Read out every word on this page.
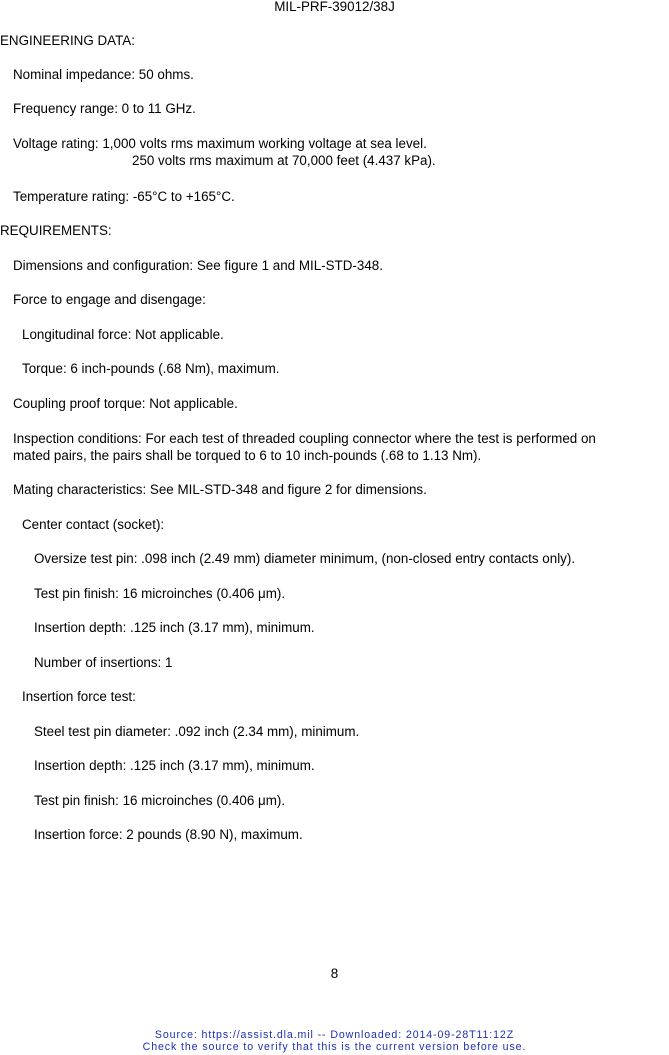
MIL-PRF-39012/38J
ENGINEERING DATA:
Nominal impedance: 50 ohms.
Frequency range: 0 to 11 GHz.
Voltage rating: 1,000 volts rms maximum working voltage at sea level.
250 volts rms maximum at 70,000 feet (4.437 kPa).
Temperature rating: -65°C to +165°C.
REQUIREMENTS:
Dimensions and configuration: See figure 1 and MIL-STD-348.
Force to engage and disengage:
Longitudinal force: Not applicable.
Torque: 6 inch-pounds (.68 Nm), maximum.
Coupling proof torque: Not applicable.
Inspection conditions: For each test of threaded coupling connector where the test is performed on
mated pairs, the pairs shall be torqued to 6 to 10 inch-pounds (.68 to 1.13 Nm).
Mating characteristics: See MIL-STD-348 and figure 2 for dimensions.
Center contact (socket):
Oversize test pin: .098 inch (2.49 mm) diameter minimum, (non-closed entry contacts only).
Test pin finish: 16 microinches (0.406 μm).
Insertion depth: .125 inch (3.17 mm), minimum.
Number of insertions: 1
Insertion force test:
Steel test pin diameter: .092 inch (2.34 mm), minimum.
Insertion depth: .125 inch (3.17 mm), minimum.
Test pin finish: 16 microinches (0.406 μm).
Insertion force: 2 pounds (8.90 N), maximum.
8
Source: https://assist.dla.mil -- Downloaded: 2014-09-28T11:12Z
Check the source to verify that this is the current version before use.
